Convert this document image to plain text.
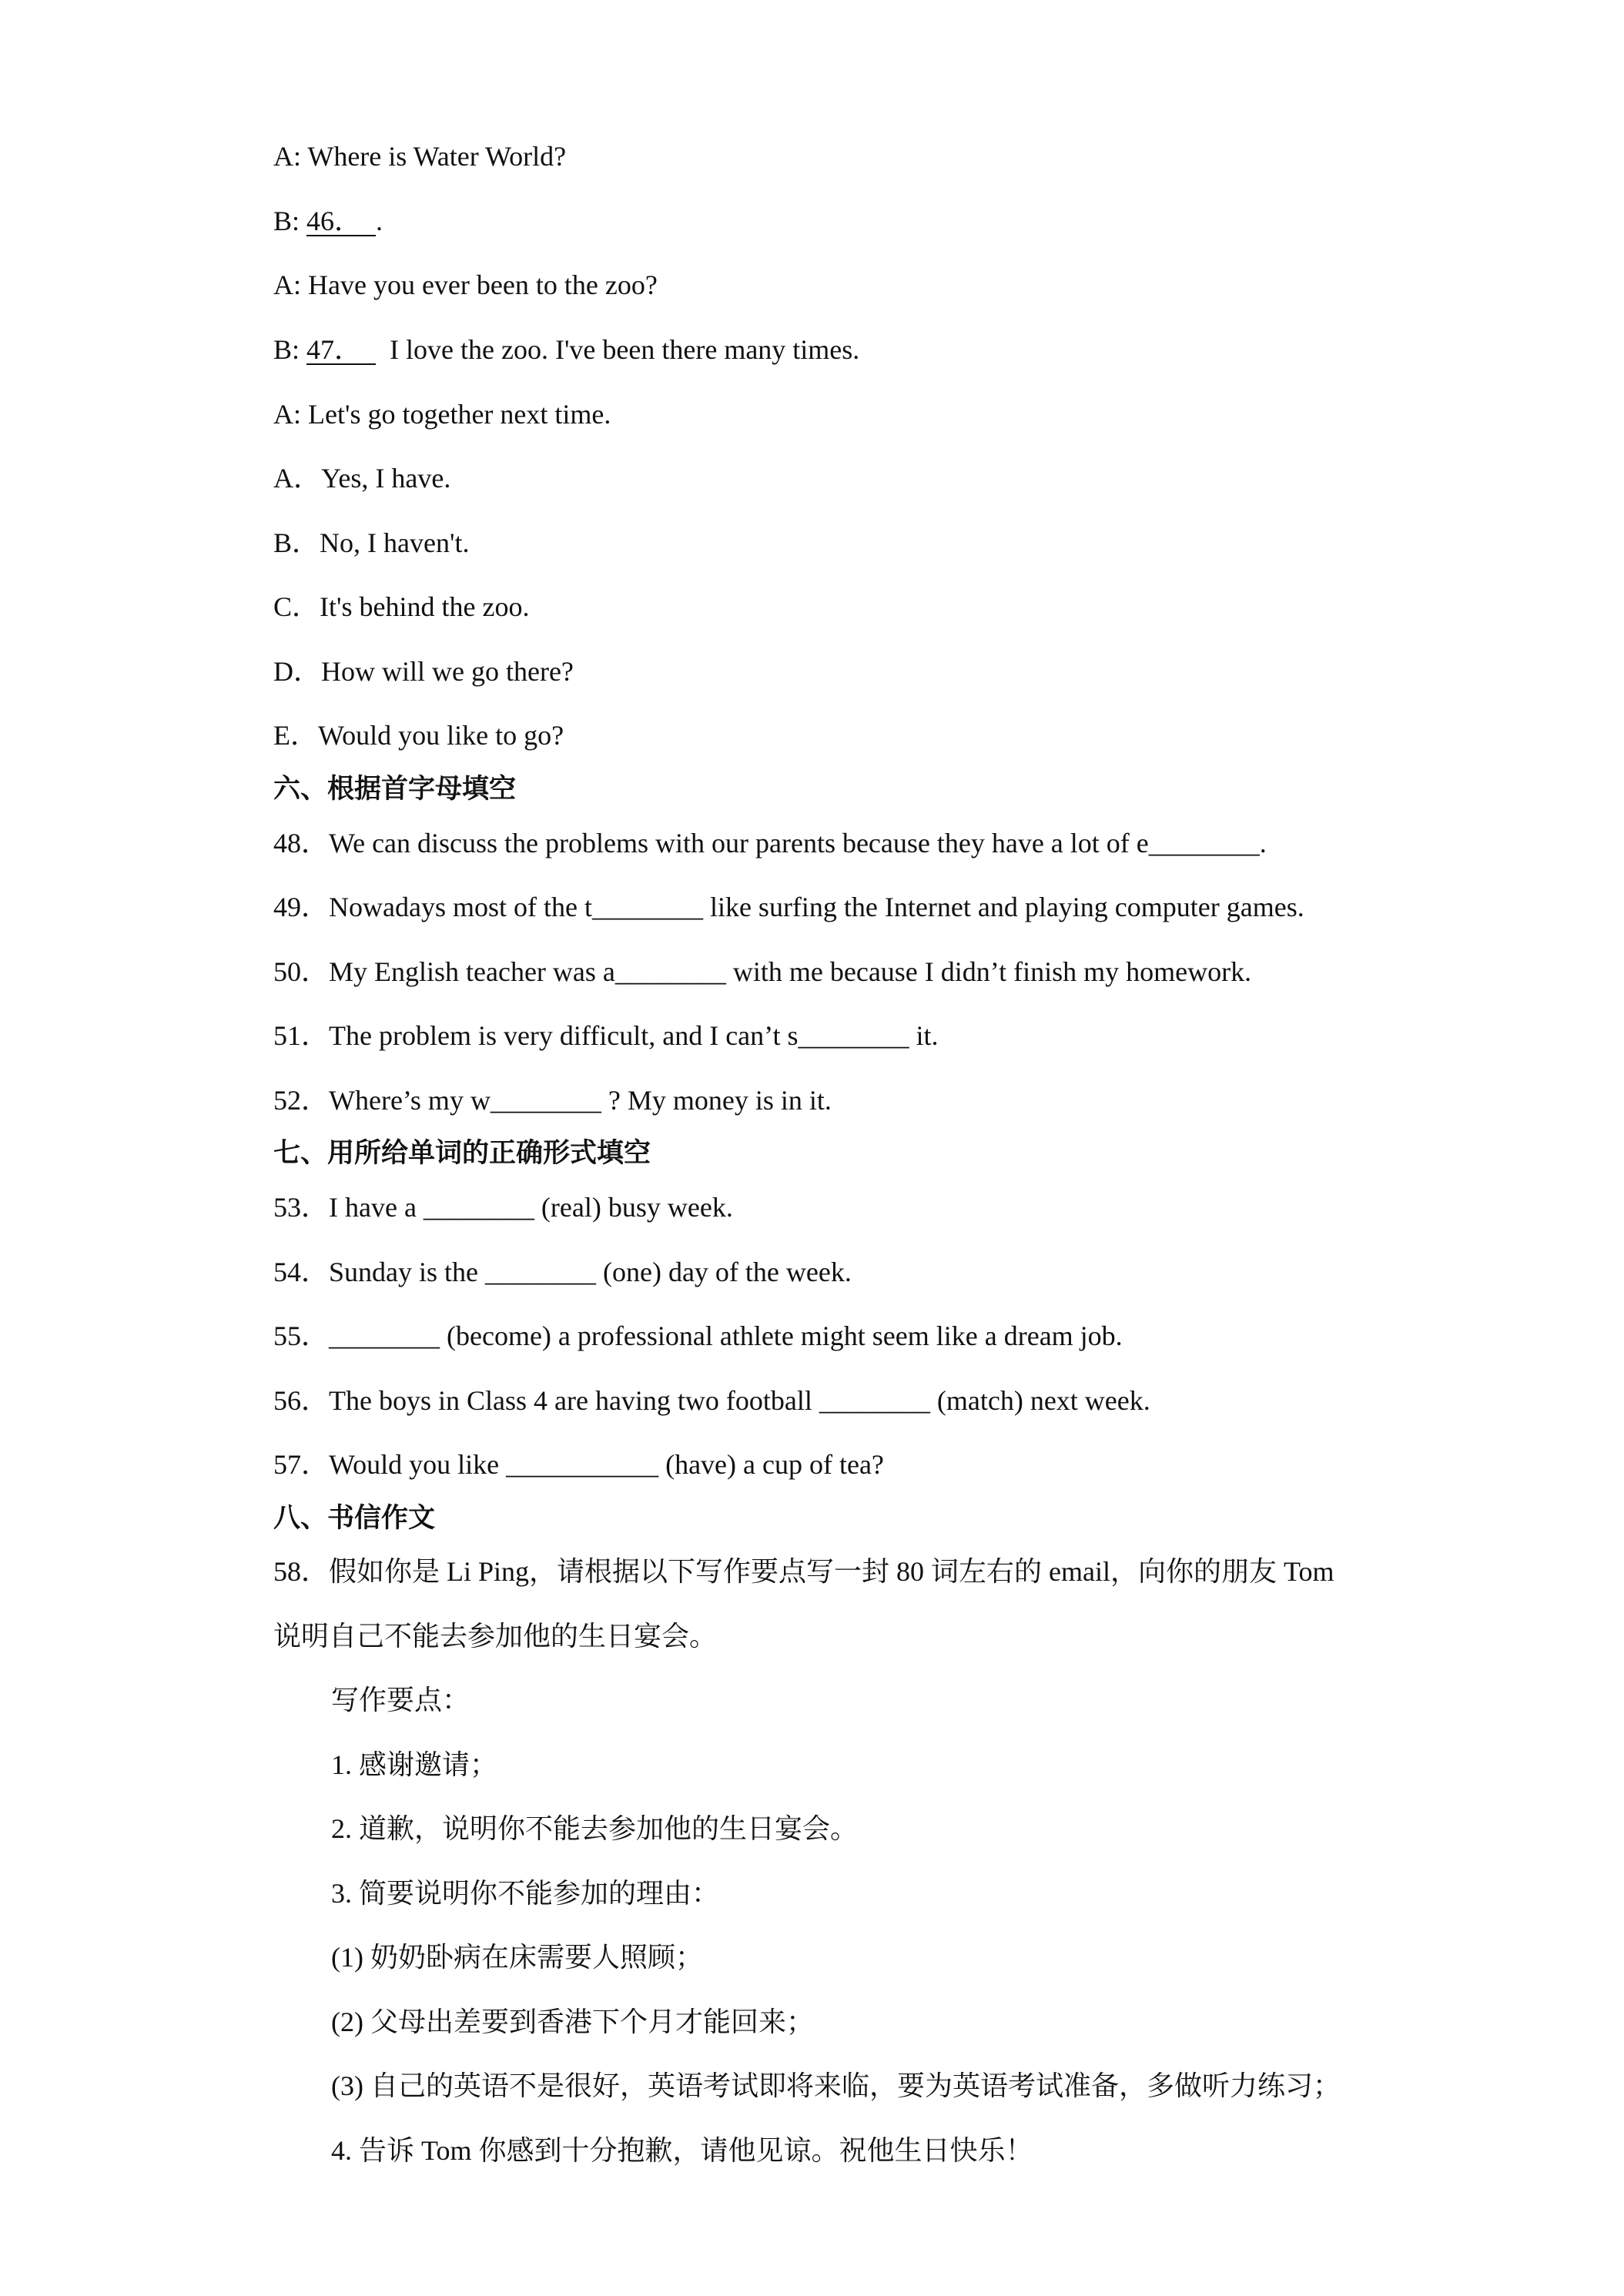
A: Where is Water World?
B: 46． .
A: Have you ever been to the zoo?
B: 47．    I love the zoo. I've been there many times.
A: Let's go together next time.
A．Yes, I have.
B．No, I haven't.
C．It's behind the zoo.
D．How will we go there?
E．Would you like to go?
六、根据首字母填空
48．We can discuss the problems with our parents because they have a lot of e________.
49．Nowadays most of the t________ like surfing the Internet and playing computer games.
50．My English teacher was a________ with me because I didn’t finish my homework.
51．The problem is very difficult, and I can’t s________ it.
52．Where’s my w________ ? My money is in it.
七、用所给单词的正确形式填空
53．I have a ________ (real) busy week.
54．Sunday is the ________ (one) day of the week.
55．________ (become) a professional athlete might seem like a dream job.
56．The boys in Class 4 are having two football ________ (match) next week.
57．Would you like ___________ (have) a cup of tea?
八、书信作文
58．假如你是 Li Ping，请根据以下写作要点写一封 80 词左右的 email，向你的朋友 Tom
说明自己不能去参加他的生日宴会。
写作要点：
1. 感谢邀请；
2. 道歉，说明你不能去参加他的生日宴会。
3. 简要说明你不能参加的理由：
(1) 奶奶卧病在床需要人照顾；
(2) 父母出差要到香港下个月才能回来；
(3) 自己的英语不是很好，英语考试即将来临，要为英语考试准备，多做听力练习；
4. 告诉 Tom 你感到十分抱歉，请他见谅。祝他生日快乐！
